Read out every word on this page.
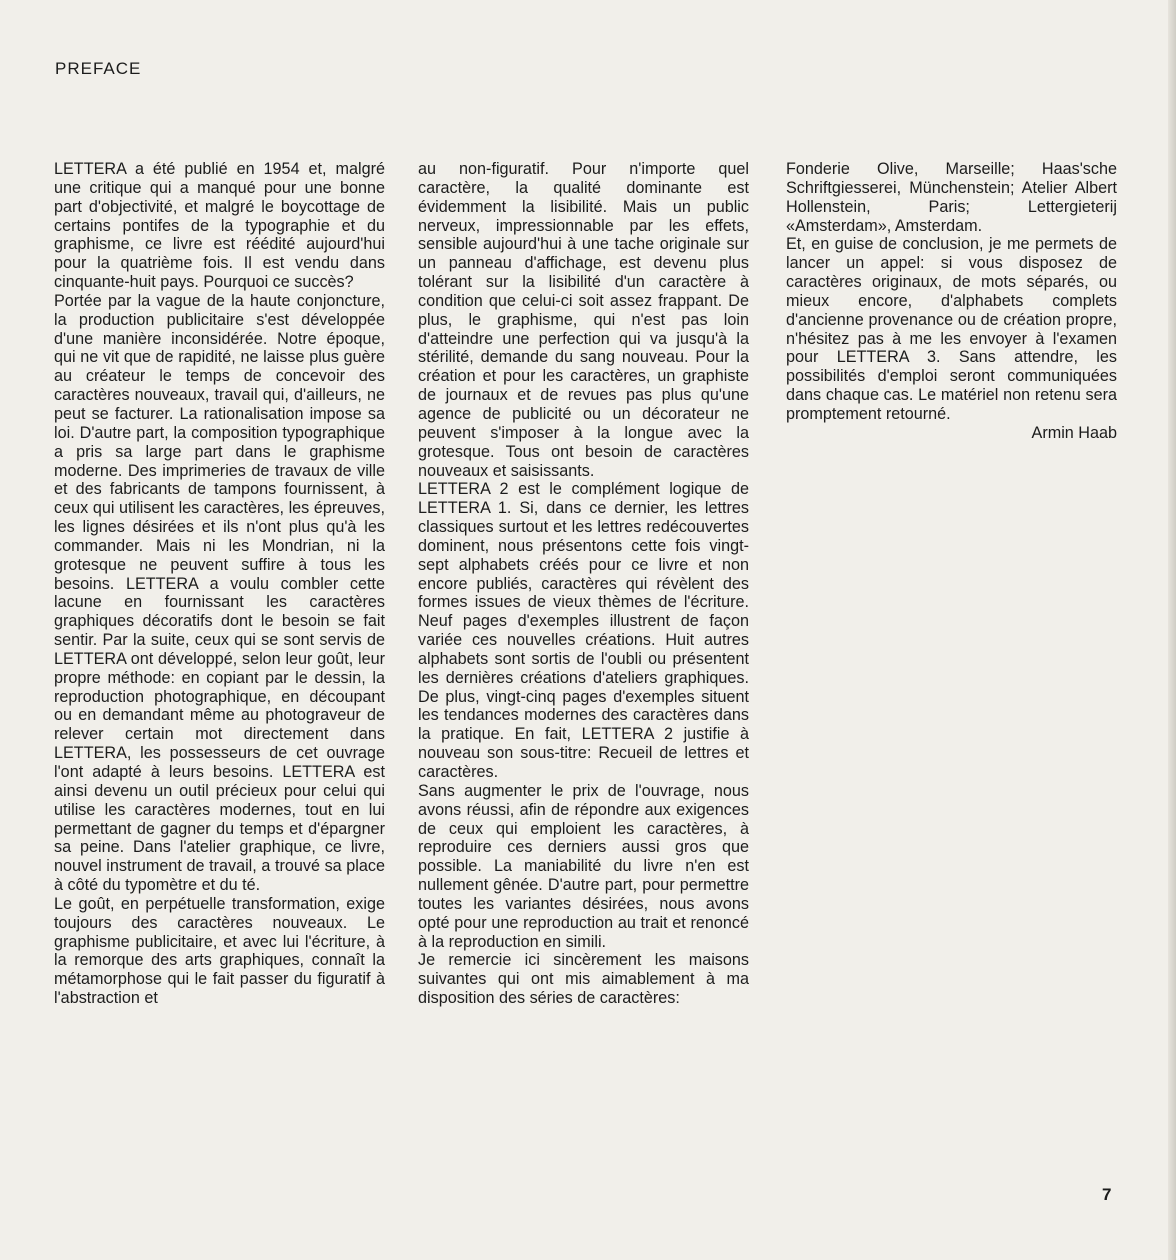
PREFACE

LETTERA a été publié en 1954 et, malgré une critique qui a manqué pour une bonne part d'objectivité, et malgré le boycottage de certains pontifes de la typographie et du graphisme, ce livre est réédité aujourd'hui pour la quatrième fois. Il est vendu dans cinquante-huit pays. Pourquoi ce succès?

Portée par la vague de la haute conjoncture, la production publicitaire s'est développée d'une manière inconsidérée. Notre époque, qui ne vit que de rapidité, ne laisse plus guère au créateur le temps de concevoir des caractères nouveaux, travail qui, d'ailleurs, ne peut se facturer. La rationalisation impose sa loi. D'autre part, la composition typographique a pris sa large part dans le graphisme moderne. Des imprimeries de travaux de ville et des fabricants de tampons fournissent, à ceux qui utilisent les caractères, les épreuves, les lignes désirées et ils n'ont plus qu'à les commander. Mais ni les Mondrian, ni la grotesque ne peuvent suffire à tous les besoins. LETTERA a voulu combler cette lacune en fournissant les caractères graphiques décoratifs dont le besoin se fait sentir. Par la suite, ceux qui se sont servis de LETTERA ont développé, selon leur goût, leur propre méthode: en copiant par le dessin, la reproduction photographique, en découpant ou en demandant même au photograveur de relever certain mot directement dans LETTERA, les possesseurs de cet ouvrage l'ont adapté à leurs besoins. LETTERA est ainsi devenu un outil précieux pour celui qui utilise les caractères modernes, tout en lui permettant de gagner du temps et d'épargner sa peine. Dans l'atelier graphique, ce livre, nouvel instrument de travail, a trouvé sa place à côté du typomètre et du té.

Le goût, en perpétuelle transformation, exige toujours des caractères nouveaux. Le graphisme publicitaire, et avec lui l'écriture, à la remorque des arts graphiques, connaît la métamorphose qui le fait passer du figuratif à l'abstraction et

au non-figuratif. Pour n'importe quel caractère, la qualité dominante est évidemment la lisibilité. Mais un public nerveux, impressionnable par les effets, sensible aujourd'hui à une tache originale sur un panneau d'affichage, est devenu plus tolérant sur la lisibilité d'un caractère à condition que celui-ci soit assez frappant. De plus, le graphisme, qui n'est pas loin d'atteindre une perfection qui va jusqu'à la stérilité, demande du sang nouveau. Pour la création et pour les caractères, un graphiste de journaux et de revues pas plus qu'une agence de publicité ou un décorateur ne peuvent s'imposer à la longue avec la grotesque. Tous ont besoin de caractères nouveaux et saisissants.

LETTERA 2 est le complément logique de LETTERA 1. Si, dans ce dernier, les lettres classiques surtout et les lettres redécouvertes dominent, nous présentons cette fois vingt-sept alphabets créés pour ce livre et non encore publiés, caractères qui révèlent des formes issues de vieux thèmes de l'écriture. Neuf pages d'exemples illustrent de façon variée ces nouvelles créations. Huit autres alphabets sont sortis de l'oubli ou présentent les dernières créations d'ateliers graphiques. De plus, vingt-cinq pages d'exemples situent les tendances modernes des caractères dans la pratique. En fait, LETTERA 2 justifie à nouveau son sous-titre: Recueil de lettres et caractères.

Sans augmenter le prix de l'ouvrage, nous avons réussi, afin de répondre aux exigences de ceux qui emploient les caractères, à reproduire ces derniers aussi gros que possible. La maniabilité du livre n'en est nullement gênée. D'autre part, pour permettre toutes les variantes désirées, nous avons opté pour une reproduction au trait et renoncé à la reproduction en simili.

Je remercie ici sincèrement les maisons suivantes qui ont mis aimablement à ma disposition des séries de caractères:

Fonderie Olive, Marseille; Haas'sche Schriftgiesserei, Münchenstein; Atelier Albert Hollenstein, Paris; Lettergieterij «Amsterdam», Amsterdam.

Et, en guise de conclusion, je me permets de lancer un appel: si vous disposez de caractères originaux, de mots séparés, ou mieux encore, d'alphabets complets d'ancienne provenance ou de création propre, n'hésitez pas à me les envoyer à l'examen pour LETTERA 3. Sans attendre, les possibilités d'emploi seront communiquées dans chaque cas. Le matériel non retenu sera promptement retourné.

Armin Haab

7
